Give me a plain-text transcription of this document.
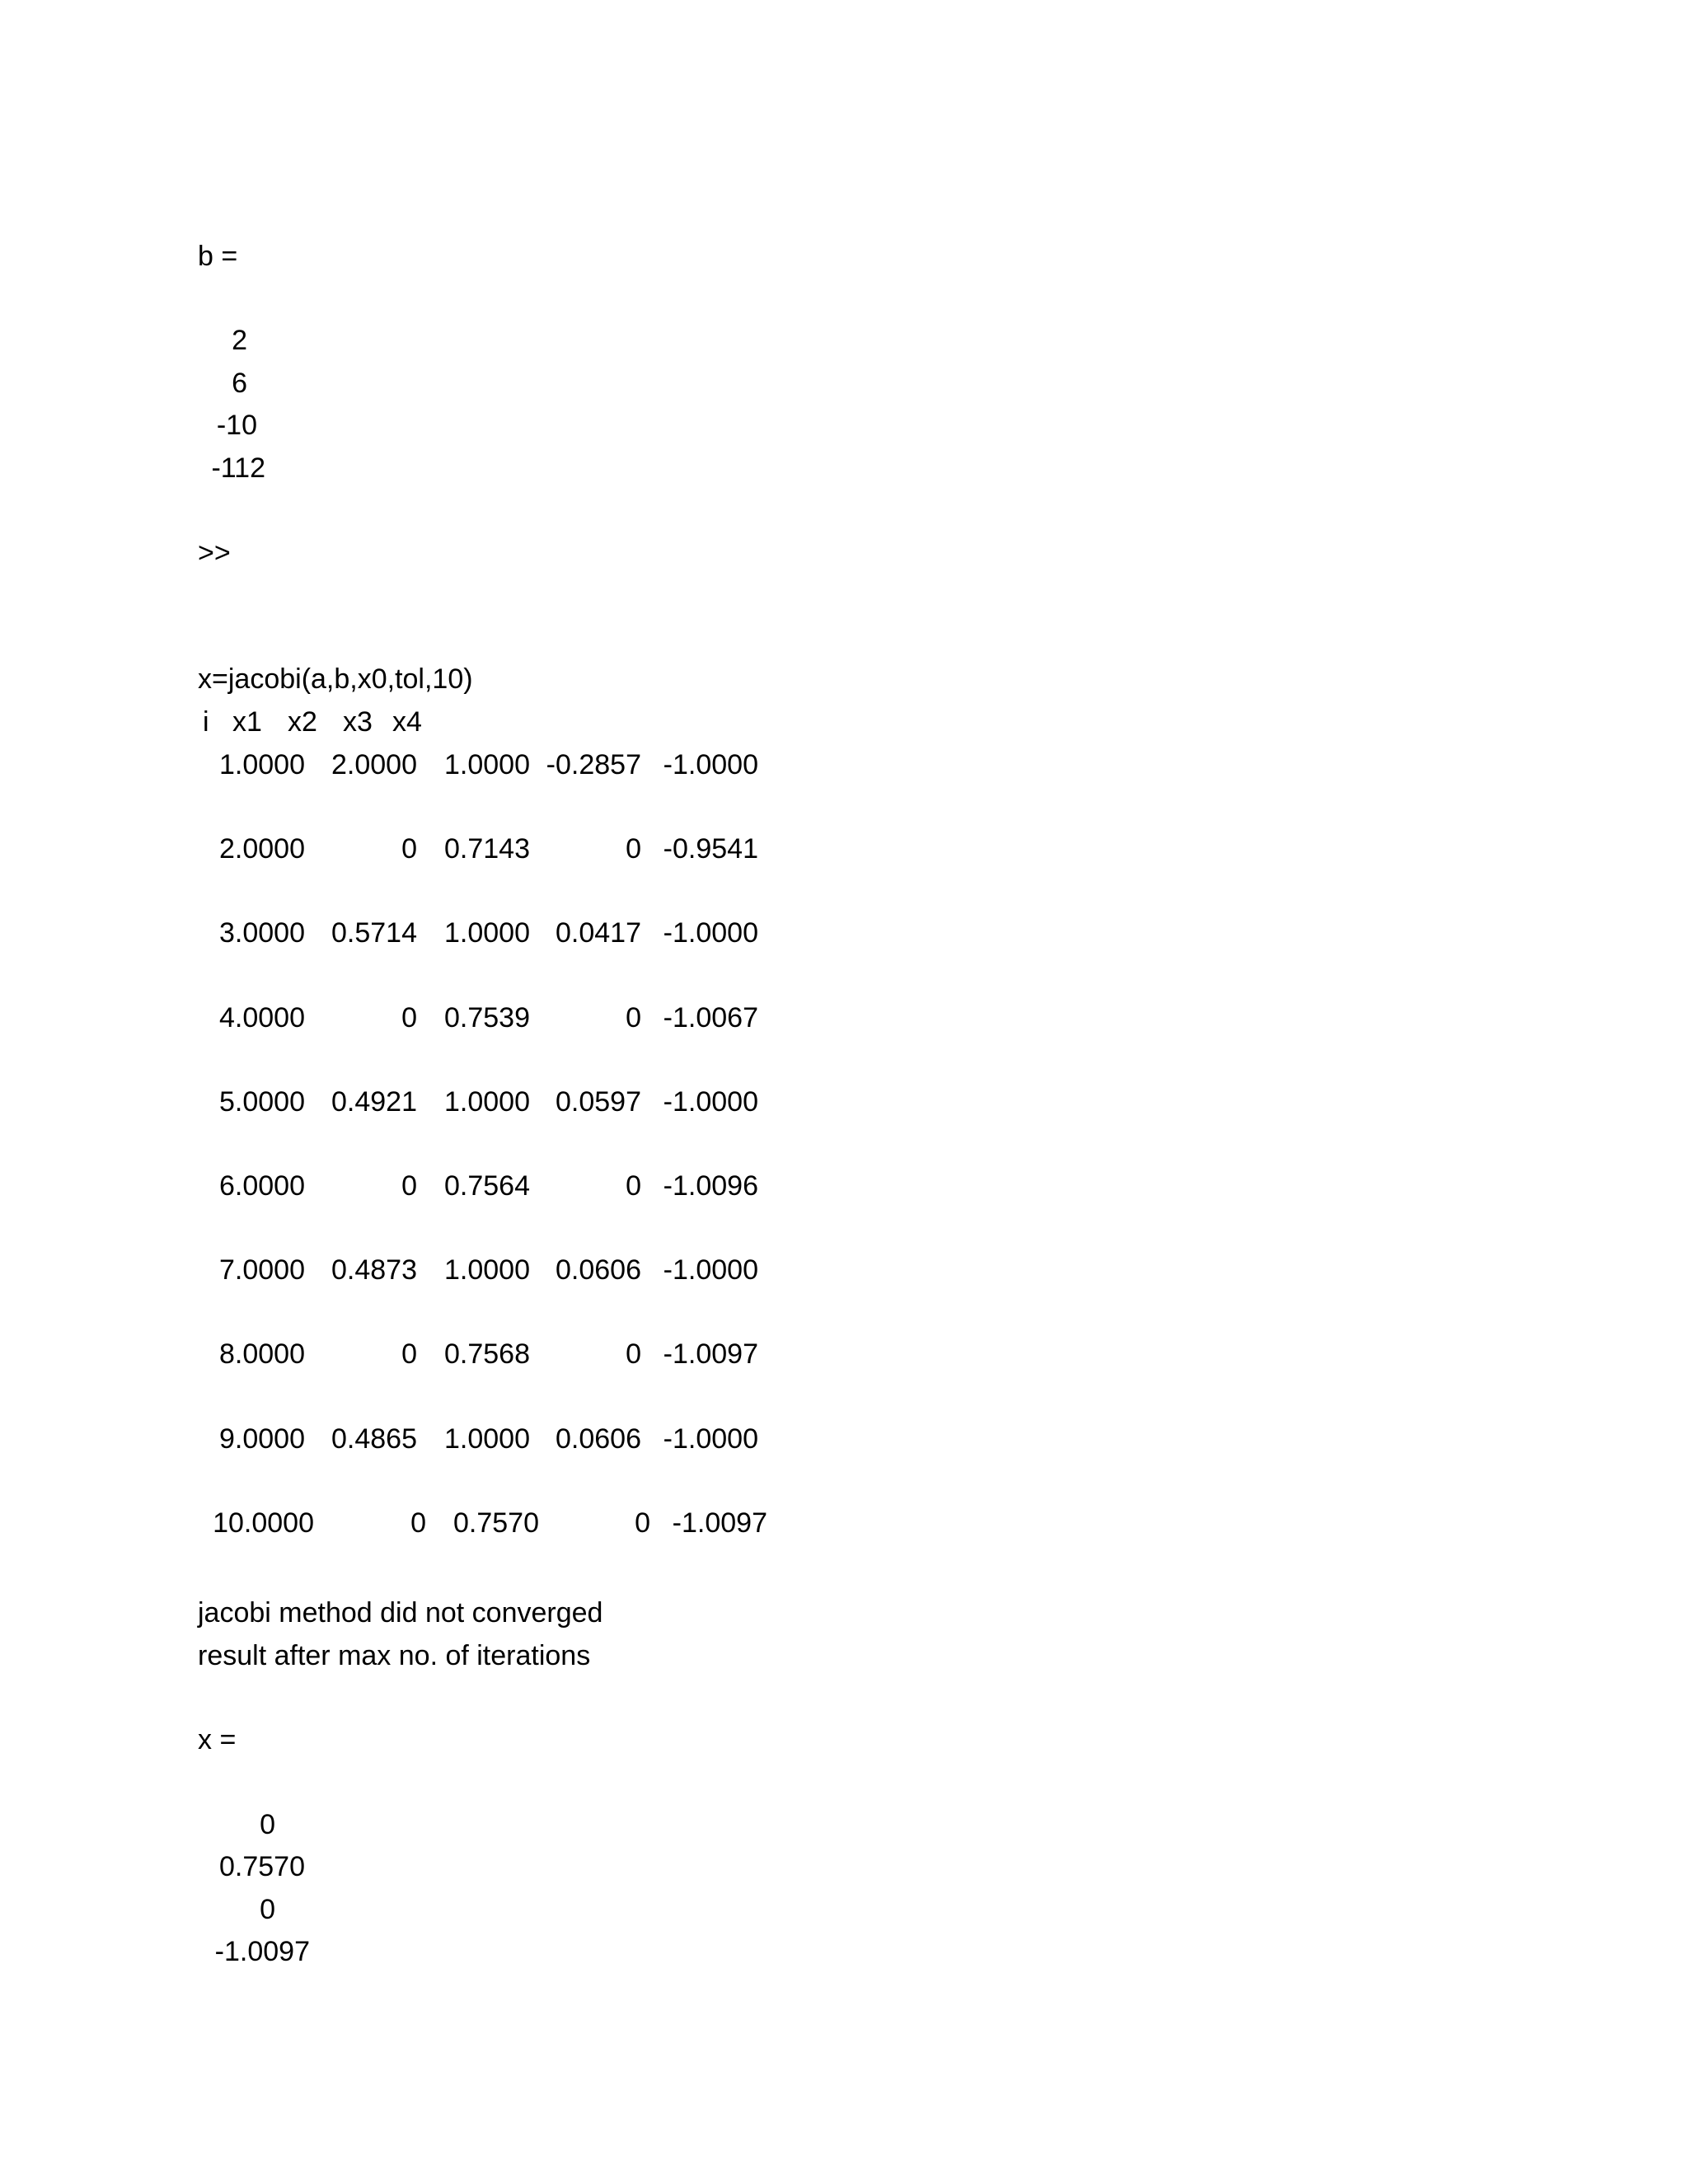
b =
2
6
-10
-112
>>
x=jacobi(a,b,x0,tol,10)
i x1 x2 x3 x4
1.0000 2.0000 1.0000 -0.2857 -1.0000
2.0000	0 0.7143	0 -0.9541
3.0000 0.5714 1.0000 0.0417 -1.0000
4.0000	0 0.7539	0 -1.0067
5.0000 0.4921 1.0000 0.0597 -1.0000
6.0000	0 0.7564	0 -1.0096
7.0000 0.4873 1.0000 0.0606 -1.0000
8.0000	0 0.7568	0 -1.0097
9.0000 0.4865 1.0000 0.0606 -1.0000
10.0000	0 0.7570	0 -1.0097
jacobi method did not converged
result after max no. of iterations
x =
0
0.7570
0
-1.0097
